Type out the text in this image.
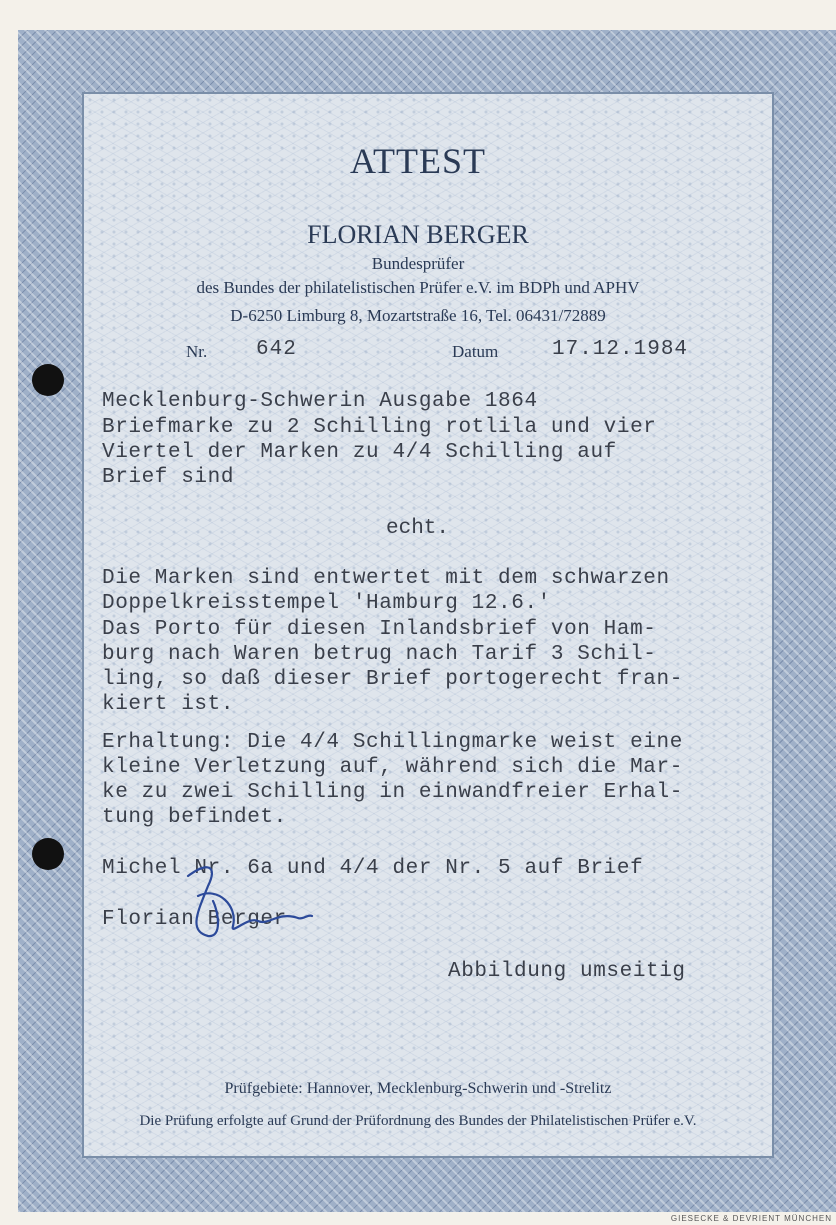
ATTEST
FLORIAN BERGER
Bundesprüfer
des Bundes der philatelistischen Prüfer e.V. im BDPh und APHV
D-6250 Limburg 8, Mozartstraße 16, Tel. 06431/72889
Nr. 642	Datum	17.12.1984
Mecklenburg-Schwerin Ausgabe 1864
Briefmarke zu 2 Schilling rotlila und vier
Viertel der Marken zu 4/4 Schilling auf
Brief sind
echt.
Die Marken sind entwertet mit dem schwarzen
Doppelkreisstempel 'Hamburg 12.6.'
Das Porto für diesen Inlandsbrief von Ham-
burg nach Waren betrug nach Tarif 3 Schil-
ling, so daß dieser Brief portogerecht fran-
kiert ist.
Erhaltung: Die 4/4 Schillingmarke weist eine
kleine Verletzung auf, während sich die Mar-
ke zu zwei Schilling in einwandfreier Erhal-
tung befindet.
Michel Nr. 6a und 4/4 der Nr. 5 auf Brief
Florian Berger
Abbildung umseitig
Prüfgebiete: Hannover, Mecklenburg-Schwerin und -Strelitz
Die Prüfung erfolgte auf Grund der Prüfordnung des Bundes der Philatelistischen Prüfer e.V.
GIESECKE & DEVRIENT MÜNCHEN
